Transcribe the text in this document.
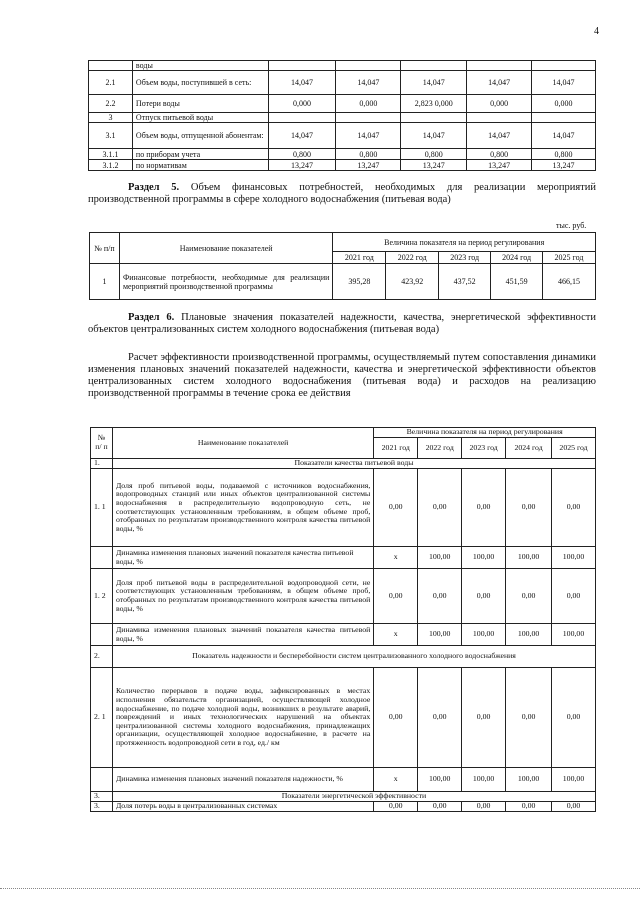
4
	воды					
2.1	Объем воды, поступившей в сеть:	14,047	14,047	14,047	14,047	14,047
2.2	Потери воды	0,000	0,000	2,823 0,000	0,000	0,000
3	Отпуск питьевой воды					
3.1	Объем воды, отпущенной абонентам:	14,047	14,047	14,047	14,047	14,047
3.1.1	по приборам учета	0,800	0,800	0,800	0,800	0,800
3.1.2	по нормативам	13,247	13,247	13,247	13,247	13,247
Раздел 5. Объем финансовых потребностей, необходимых для реализации мероприятий производственной программы в сфере холодного водоснабжения (питьевая вода)
тыс. руб.
№ п/п	Наименование показателей	Величина показателя на период регулирования				
		2021 год	2022 год	2023 год	2024 год	2025 год
1	Финансовые потребности, необходимые для реализации мероприятий производственной программы	395,28	423,92	437,52	451,59	466,15
Раздел 6. Плановые значения показателей надежности, качества, энергетической эффективности объектов централизованных систем холодного водоснабжения (питьевая вода)
Расчет эффективности производственной программы, осуществляемый путем сопоставления динамики изменения плановых значений показателей надежности, качества и энергетической эффективности объектов централизованных систем холодного водоснабжения (питьевая вода) и расходов на реализацию производственной программы в течение срока ее действия
№ п/ п	Наименование показателей	Величина показателя на период регулирования				
		2021 год	2022 год	2023 год	2024 год	2025 год
1.	Показатели качества питьевой воды					
1. 1	Доля проб питьевой воды, подаваемой с источников водоснабжения, водопроводных станций или иных объектов централизованной системы водоснабжения в распределительную водопроводную сеть, не соответствующих установленным требованиям, в общем объеме проб, отобранных по результатам производственного контроля качества питьевой воды, %	0,00	0,00	0,00	0,00	0,00
	Динамика изменения плановых значений показателя качества питьевой воды, %	x	100,00	100,00	100,00	100,00
1. 2	Доля проб питьевой воды в распределительной водопроводной сети, не соответствующих установленным требованиям, в общем объеме проб, отобранных по результатам производственного контроля качества питьевой воды, %	0,00	0,00	0,00	0,00	0,00
	Динамика изменения плановых значений показателя качества питьевой воды, %	x	100,00	100,00	100,00	100,00
2.	Показатель надежности и бесперебойности систем централизованного холодного водоснабжения					
2. 1	Количество перерывов в подаче воды, зафиксированных в местах исполнения обязательств организацией, осуществляющей холодное водоснабжение, по подаче холодной воды, возникших в результате аварий, повреждений и иных технологических нарушений на объектах централизованной системы холодного водоснабжения, принадлежащих организации, осуществляющей холодное водоснабжение, в расчете на протяженность водопроводной сети в год, ед./ км	0,00	0,00	0,00	0,00	0,00
	Динамика изменения плановых значений показателя надежности, %	x	100,00	100,00	100,00	100,00
3.	Показатели энергетической эффективности					
3.	Доля потерь воды в централизованных системах	0,00	0,00	0,00	0,00	0,00
